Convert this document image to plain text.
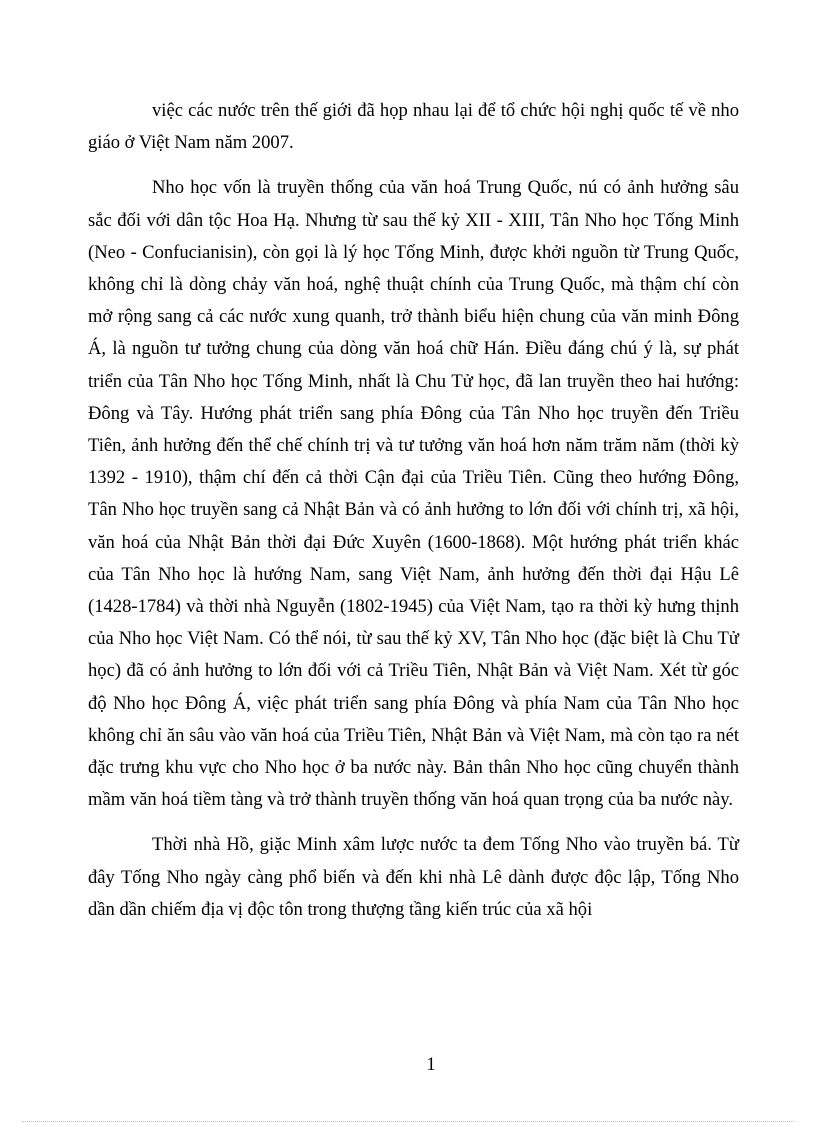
việc các nước trên thế giới đã họp nhau lại để tổ chức hội nghị quốc tế về nho giáo ở Việt Nam năm 2007.

Nho học vốn là truyền thống của văn hoá Trung Quốc, nú có ảnh hưởng sâu sắc đối với dân tộc Hoa Hạ. Nhưng từ sau thế kỷ XII - XIII, Tân Nho học Tống Minh (Neo - Confucianisin), còn gọi là lý học Tống Minh, được khởi nguồn từ Trung Quốc, không chỉ là dòng chảy văn hoá, nghệ thuật chính của Trung Quốc, mà thậm chí còn mở rộng sang cả các nước xung quanh, trở thành biểu hiện chung của văn minh Đông Á, là nguồn tư tưởng chung của dòng văn hoá chữ Hán. Điều đáng chú ý là, sự phát triển của Tân Nho học Tống Minh, nhất là Chu Tử học, đã lan truyền theo hai hướng: Đông và Tây. Hướng phát triển sang phía Đông của Tân Nho học truyền đến Triều Tiên, ảnh hưởng đến thể chế chính trị và tư tưởng văn hoá hơn năm trăm năm (thời kỳ 1392 - 1910), thậm chí đến cả thời Cận đại của Triều Tiên. Cũng theo hướng Đông, Tân Nho học truyền sang cả Nhật Bản và có ảnh hưởng to lớn đối với chính trị, xã hội, văn hoá của Nhật Bản thời đại Đức Xuyên (1600-1868). Một hướng phát triển khác của Tân Nho học là hướng Nam, sang Việt Nam, ảnh hưởng đến thời đại Hậu Lê (1428-1784) và thời nhà Nguyễn (1802-1945) của Việt Nam, tạo ra thời kỳ hưng thịnh của Nho học Việt Nam. Có thể nói, từ sau thế kỷ XV, Tân Nho học (đặc biệt là Chu Tử học) đã có ảnh hưởng to lớn đối với cả Triều Tiên, Nhật Bản và Việt Nam. Xét từ góc độ Nho học Đông Á, việc phát triển sang phía Đông và phía Nam của Tân Nho học không chỉ ăn sâu vào văn hoá của Triều Tiên, Nhật Bản và Việt Nam, mà còn tạo ra nét đặc trưng khu vực cho Nho học ở ba nước này. Bản thân Nho học cũng chuyển thành mầm văn hoá tiềm tàng và trở thành truyền thống văn hoá quan trọng của ba nước này.

Thời nhà Hồ, giặc Minh xâm lược nước ta đem Tống Nho vào truyền bá. Từ đây Tống Nho ngày càng phổ biến và đến khi nhà Lê dành được độc lập, Tống Nho dần dần chiếm địa vị độc tôn trong thượng tầng kiến trúc của xã hội

1
